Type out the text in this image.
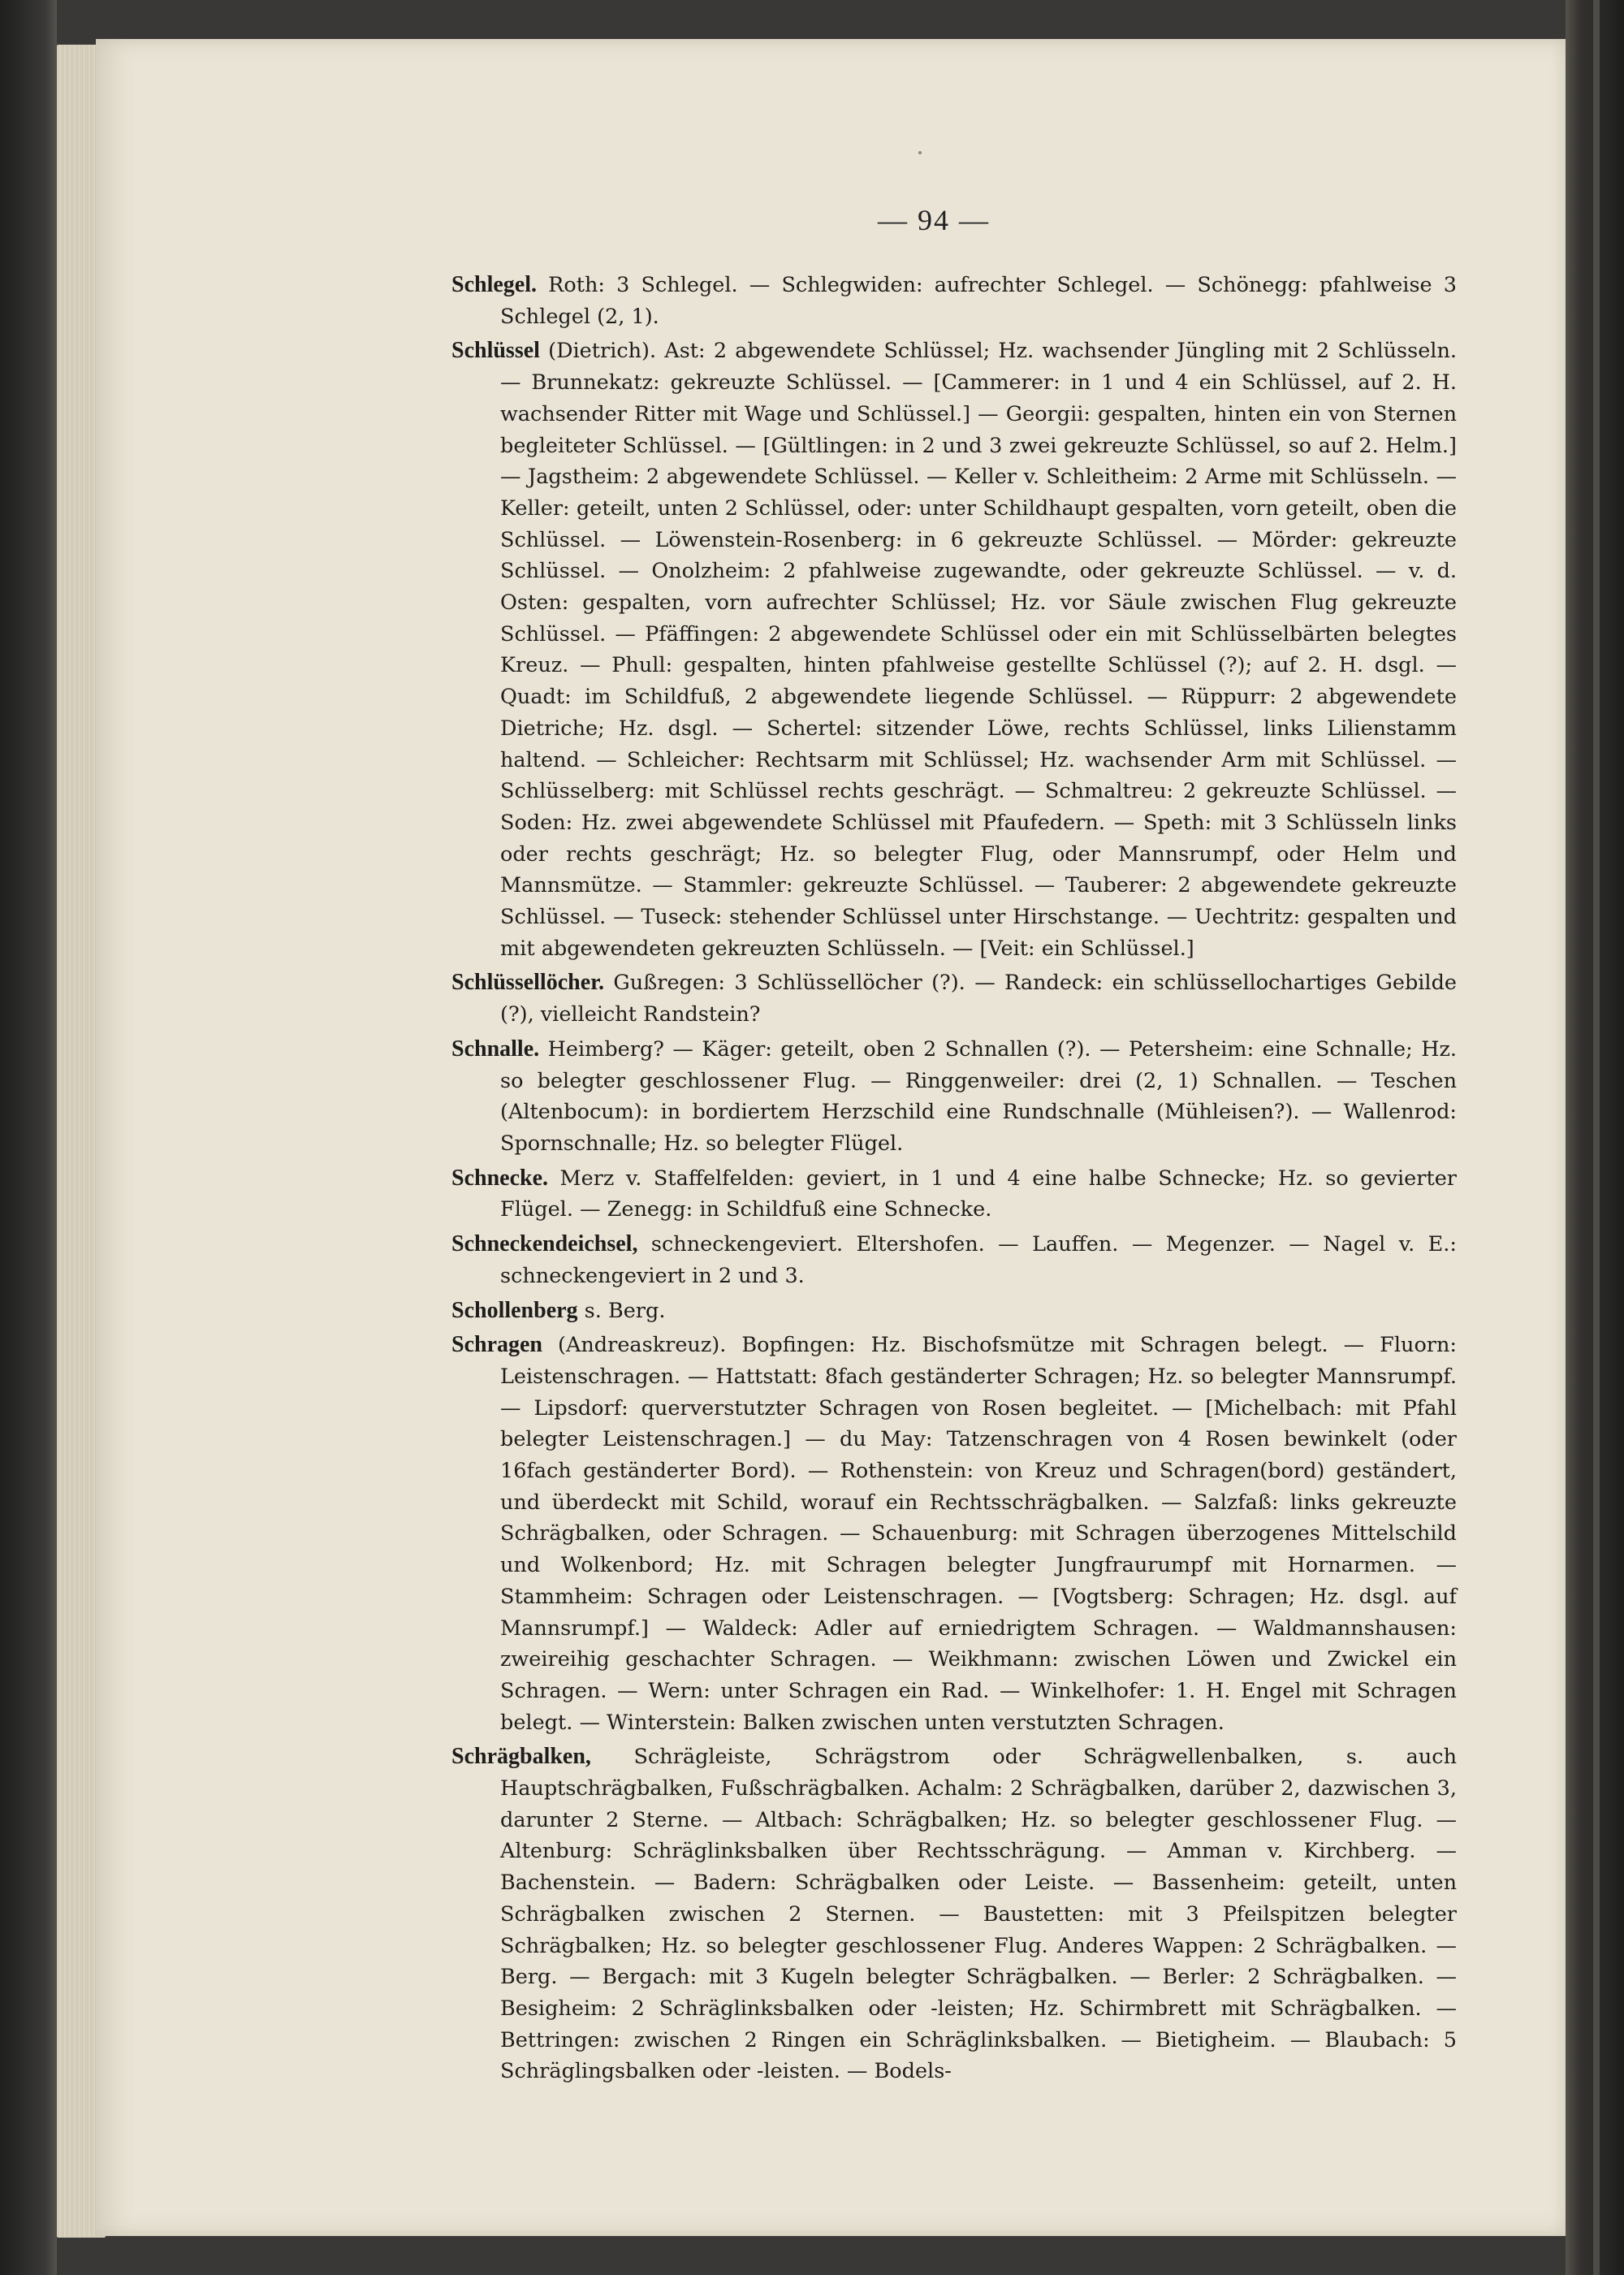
— 94 —

Schlegel. Roth: 3 Schlegel. — Schlegwiden: aufrechter Schlegel. — Schönegg: pfahlweise 3 Schlegel (2, 1).

Schlüssel (Dietrich). Ast: 2 abgewendete Schlüssel; Hz. wachsender Jüngling mit 2 Schlüsseln. — Brunnekatz: gekreuzte Schlüssel. — [Cammerer: in 1 und 4 ein Schlüssel, auf 2. H. wachsender Ritter mit Wage und Schlüssel.] — Georgii: gespalten, hinten ein von Sternen begleiteter Schlüssel. — [Gültlingen: in 2 und 3 zwei gekreuzte Schlüssel, so auf 2. Helm.] — Jagstheim: 2 abgewendete Schlüssel. — Keller v. Schleitheim: 2 Arme mit Schlüsseln. — Keller: geteilt, unten 2 Schlüssel, oder: unter Schildhaupt gespalten, vorn geteilt, oben die Schlüssel. — Löwenstein-Rosenberg: in 6 gekreuzte Schlüssel. — Mörder: gekreuzte Schlüssel. — Onolzheim: 2 pfahlweise zugewandte, oder gekreuzte Schlüssel. — v. d. Osten: gespalten, vorn aufrechter Schlüssel; Hz. vor Säule zwischen Flug gekreuzte Schlüssel. — Pfäffingen: 2 abgewendete Schlüssel oder ein mit Schlüsselbärten belegtes Kreuz. — Phull: gespalten, hinten pfahlweise gestellte Schlüssel (?); auf 2. H. dsgl. — Quadt: im Schildfuß, 2 abgewendete liegende Schlüssel. — Rüppurr: 2 abgewendete Dietriche; Hz. dsgl. — Schertel: sitzender Löwe, rechts Schlüssel, links Lilienstamm haltend. — Schleicher: Rechtsarm mit Schlüssel; Hz. wachsender Arm mit Schlüssel. — Schlüsselberg: mit Schlüssel rechts geschrägt. — Schmaltreu: 2 gekreuzte Schlüssel. — Soden: Hz. zwei abgewendete Schlüssel mit Pfaufedern. — Speth: mit 3 Schlüsseln links oder rechts geschrägt; Hz. so belegter Flug, oder Mannsrumpf, oder Helm und Mannsmütze. — Stammler: gekreuzte Schlüssel. — Tauberer: 2 abgewendete gekreuzte Schlüssel. — Tuseck: stehender Schlüssel unter Hirschstange. — Uechtritz: gespalten und mit abgewendeten gekreuzten Schlüsseln. — [Veit: ein Schlüssel.]

Schlüssellöcher. Gußregen: 3 Schlüssellöcher (?). — Randeck: ein schlüssellochartiges Gebilde (?), vielleicht Randstein?

Schnalle. Heimberg? — Käger: geteilt, oben 2 Schnallen (?). — Petersheim: eine Schnalle; Hz. so belegter geschlossener Flug. — Ringgenweiler: drei (2, 1) Schnallen. — Teschen (Altenbocum): in bordiertem Herzschild eine Rundschnalle (Mühleisen?). — Wallenrod: Spornschnalle; Hz. so belegter Flügel.

Schnecke. Merz v. Staffelfelden: geviert, in 1 und 4 eine halbe Schnecke; Hz. so gevierter Flügel. — Zenegg: in Schildfuß eine Schnecke.

Schneckendeichsel, schneckengeviert. Eltershofen. — Lauffen. — Megenzer. — Nagel v. E.: schneckengeviert in 2 und 3.

Schollenberg s. Berg.

Schragen (Andreaskreuz). Bopfingen: Hz. Bischofsmütze mit Schragen belegt. — Fluorn: Leistenschragen. — Hattstatt: 8fach geständerter Schragen; Hz. so belegter Mannsrumpf. — Lipsdorf: querverstutzter Schragen von Rosen begleitet. — [Michelbach: mit Pfahl belegter Leistenschragen.] — du May: Tatzenschragen von 4 Rosen bewinkelt (oder 16fach geständerter Bord). — Rothenstein: von Kreuz und Schragen(bord) geständert, und überdeckt mit Schild, worauf ein Rechtsschrägbalken. — Salzfaß: links gekreuzte Schrägbalken, oder Schragen. — Schauenburg: mit Schragen überzogenes Mittelschild und Wolkenbord; Hz. mit Schragen belegter Jungfraurumpf mit Hornarmen. — Stammheim: Schragen oder Leistenschragen. — [Vogtsberg: Schragen; Hz. dsgl. auf Mannsrumpf.] — Waldeck: Adler auf erniedrigtem Schragen. — Waldmannshausen: zweireihig geschachter Schragen. — Weikhmann: zwischen Löwen und Zwickel ein Schragen. — Wern: unter Schragen ein Rad. — Winkelhofer: 1. H. Engel mit Schragen belegt. — Winterstein: Balken zwischen unten verstutzten Schragen.

Schrägbalken, Schrägleiste, Schrägstrom oder Schrägwellenbalken, s. auch Hauptschrägbalken, Fußschrägbalken. Achalm: 2 Schrägbalken, darüber 2, dazwischen 3, darunter 2 Sterne. — Altbach: Schrägbalken; Hz. so belegter geschlossener Flug. — Altenburg: Schräglinksbalken über Rechtsschrägung. — Amman v. Kirchberg. — Bachenstein. — Badern: Schrägbalken oder Leiste. — Bassenheim: geteilt, unten Schrägbalken zwischen 2 Sternen. — Baustetten: mit 3 Pfeilspitzen belegter Schrägbalken; Hz. so belegter geschlossener Flug. Anderes Wappen: 2 Schrägbalken. — Berg. — Bergach: mit 3 Kugeln belegter Schrägbalken. — Berler: 2 Schrägbalken. — Besigheim: 2 Schräglinksbalken oder -leisten; Hz. Schirmbrett mit Schrägbalken. — Bettringen: zwischen 2 Ringen ein Schräglinksbalken. — Bietigheim. — Blaubach: 5 Schräglingsbalken oder -leisten. — Bodels-
